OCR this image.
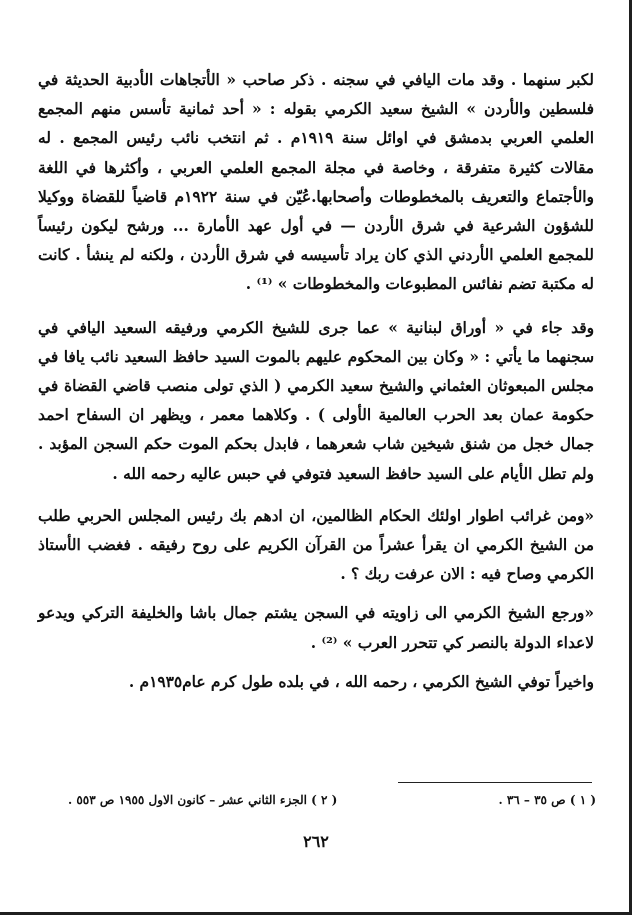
لكبر سنهما . وقد مات اليافي في سجنه . ذكر صاحب « الأتجاهات الأدبية الحديثة في فلسطين والأردن » الشيخ سعيد الكرمي بقوله : « أحد ثمانية تأسس منهم المجمع العلمي العربي بدمشق في اوائل سنة ١٩١٩م . ثم انتخب نائب رئيس المجمع . له مقالات كثيرة متفرقة ، وخاصة في مجلة المجمع العلمي العربي ، وأكثرها في اللغة والأجتماع والتعريف بالمخطوطات وأصحابها.عُيّن في سنة ١٩٢٢م قاضياً للقضاة ووكيلا للشؤون الشرعية في شرق الأردن — في أول عهد الأمارة ... ورشح ليكون رئيساً للمجمع العلمي الأردني الذي كان يراد تأسيسه في شرق الأردن ، ولكنه لم ينشأ . كانت له مكتبة تضم نفائس المطبوعات والمخطوطات » ⁽¹⁾ .

وقد جاء في « أوراق لبنانية » عما جرى للشيخ الكرمي ورفيقه السعيد اليافي في سجنهما ما يأتي : « وكان بين المحكوم عليهم بالموت السيد حافظ السعيد نائب يافا في مجلس المبعوثان العثماني والشيخ سعيد الكرمي ( الذي تولى منصب قاضي القضاة في حكومة عمان بعد الحرب العالمية الأولى ) . وكلاهما معمر ، ويظهر ان السفاح احمد جمال خجل من شنق شيخين شاب شعرهما ، فابدل بحكم الموت حكم السجن المؤبد . ولم تطل الأيام على السيد حافظ السعيد فتوفي في حبس عاليه رحمه الله .

«ومن غرائب اطوار اولئك الحكام الظالمين، ان ادهم بك رئيس المجلس الحربي طلب من الشيخ الكرمي ان يقرأ عشراً من القرآن الكريم على روح رفيقه . فغضب الأستاذ الكرمي وصاح فيه : الان عرفت ربك ؟ .

«ورجع الشيخ الكرمي الى زاويته في السجن يشتم جمال باشا والخليفة التركي ويدعو لاعداء الدولة بالنصر كي تتحرر العرب » ⁽²⁾ .

واخيراً توفي الشيخ الكرمي ، رحمه الله ، في بلده طول كرم عام١٩٣٥م .

( ١ ) ص ٣٥ – ٣٦ .
( ٢ ) الجزء الثاني عشر – كانون الاول ١٩٥٥ ص ٥٥٣ .
٢٦٢
